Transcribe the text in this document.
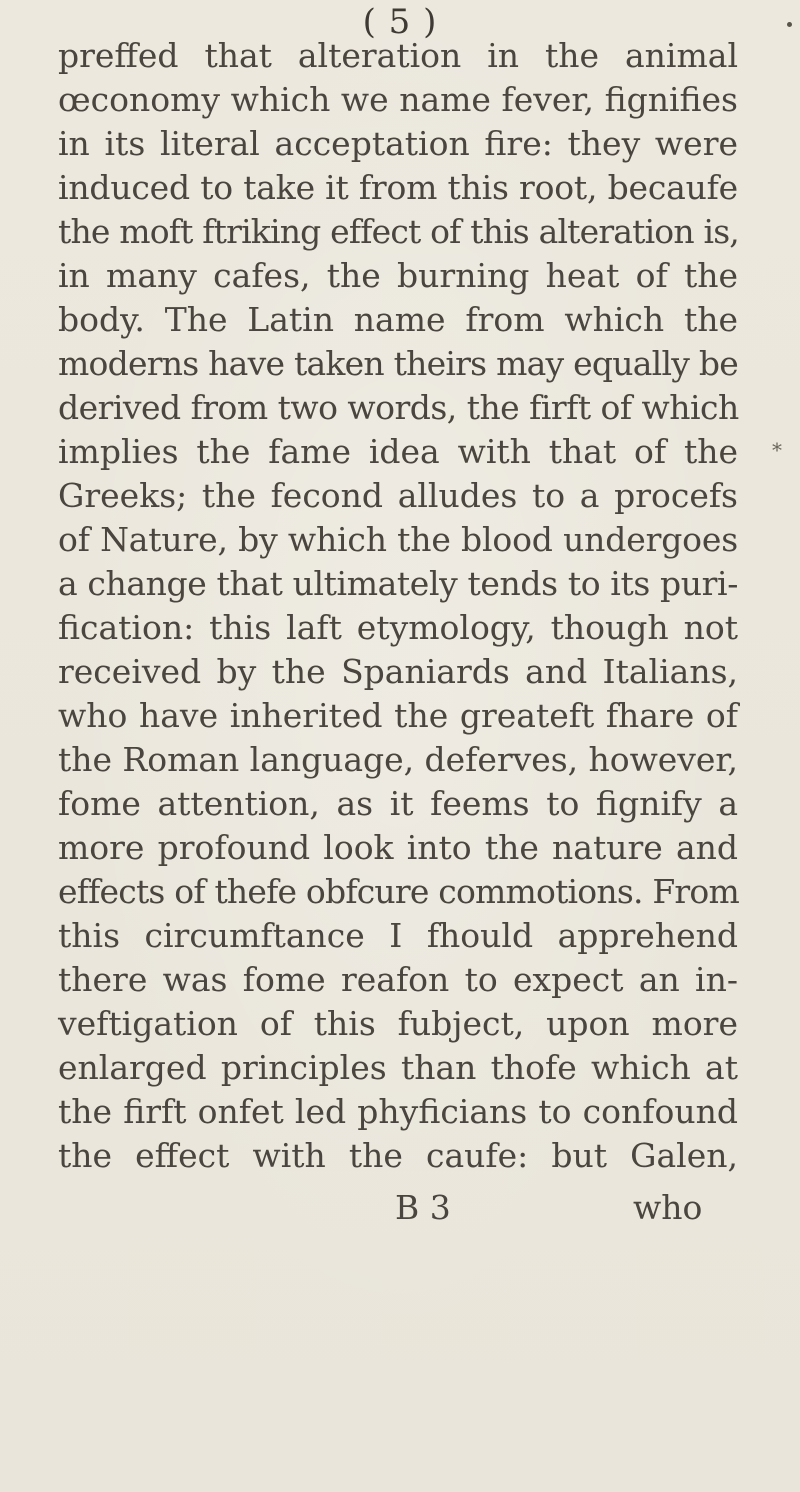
( 5 )
preffed that alteration in the animal
œconomy which we name fever, fignifies
in its literal acceptation fire: they were
induced to take it from this root, becaufe
the moft ftriking effect of this alteration is,
in many cafes, the burning heat of the
body. The Latin name from which the
moderns have taken theirs may equally be
derived from two words, the firft of which
implies the fame idea with that of the
Greeks; the fecond alludes to a procefs
of Nature, by which the blood undergoes
a change that ultimately tends to its puri-
fication: this laft etymology, though not
received by the Spaniards and Italians,
who have inherited the greateft fhare of
the Roman language, deferves, however,
fome attention, as it feems to fignify a
more profound look into the nature and
effects of thefe obfcure commotions. From
this circumftance I fhould apprehend
there was fome reafon to expect an in-
veftigation of this fubject, upon more
enlarged principles than thofe which at
the firft onfet led phyficians to confound
the effect with the caufe: but Galen,
B 3	who
*
